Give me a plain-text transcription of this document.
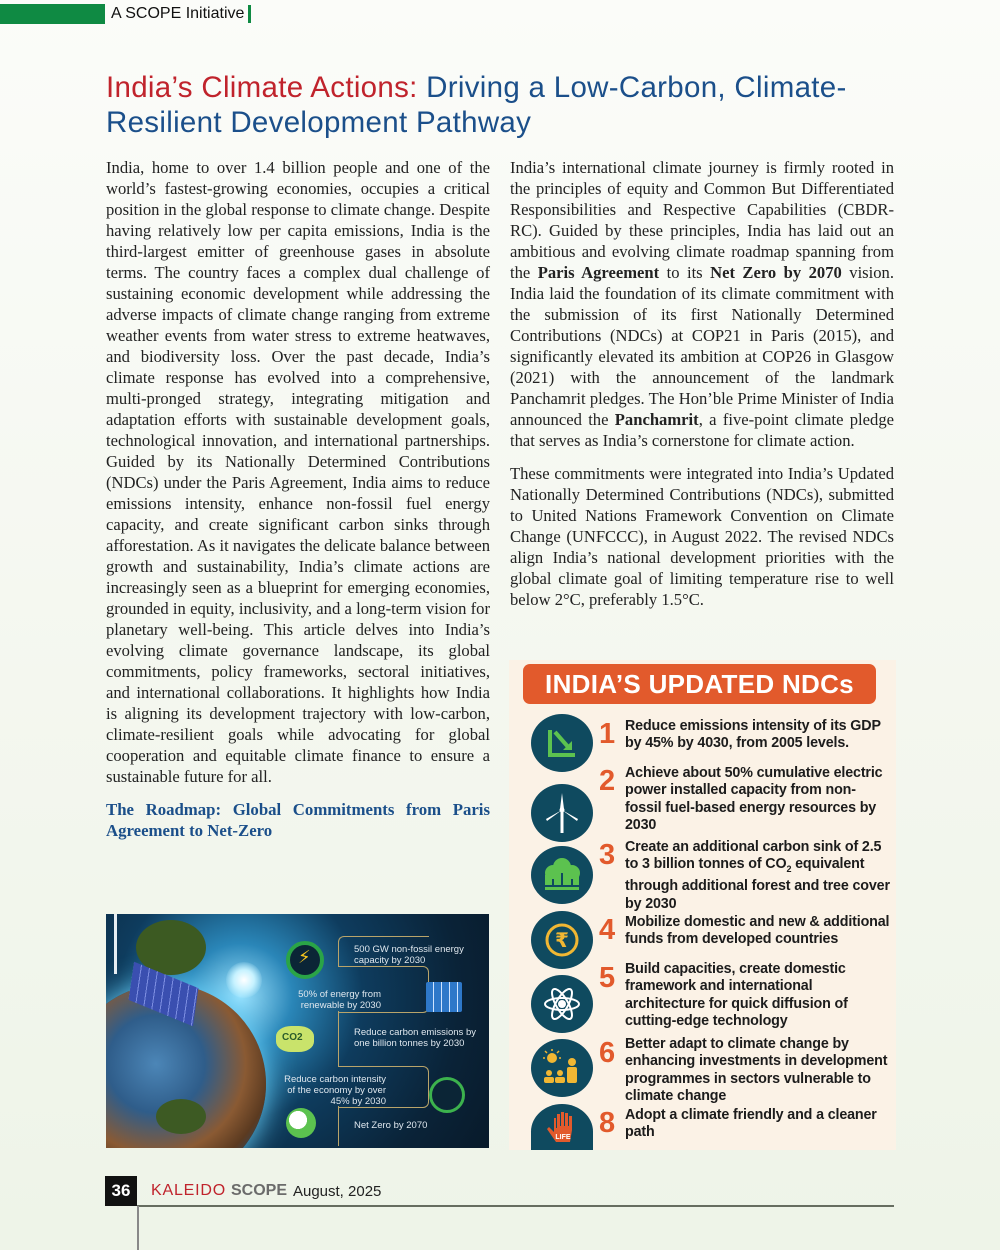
A SCOPE Initiative
India’s Climate Actions: Driving a Low-Carbon, Climate-Resilient Development Pathway

India, home to over 1.4 billion people and one of the world’s fastest-growing economies, occupies a critical position in the global response to climate change. Despite having relatively low per capita emissions, India is the third-largest emitter of greenhouse gases in absolute terms. The country faces a complex dual challenge of sustaining economic development while addressing the adverse impacts of climate change ranging from extreme weather events from water stress to extreme heatwaves, and biodiversity loss. Over the past decade, India’s climate response has evolved into a comprehensive, multi-pronged strategy, integrating mitigation and adaptation efforts with sustainable development goals, technological innovation, and international partnerships. Guided by its Nationally Determined Contributions (NDCs) under the Paris Agreement, India aims to reduce emissions intensity, enhance non-fossil fuel energy capacity, and create significant carbon sinks through afforestation. As it navigates the delicate balance between growth and sustainability, India’s climate actions are increasingly seen as a blueprint for emerging economies, grounded in equity, inclusivity, and a long-term vision for planetary well-being. This article delves into India’s evolving climate governance landscape, its global commitments, policy frameworks, sectoral initiatives, and international collaborations. It highlights how India is aligning its development trajectory with low-carbon, climate-resilient goals while advocating for global cooperation and equitable climate finance to ensure a sustainable future for all.

The Roadmap: Global Commitments from Paris Agreement to Net-Zero
⚡	500 GW non-fossil energy capacity by 2030
50% of energy from renewable by 2030
CO2	Reduce carbon emissions by one billion tonnes by 2030
Reduce carbon intensity of the economy by over 45% by 2030
Net Zero by 2070

India’s international climate journey is firmly rooted in the principles of equity and Common But Differentiated Responsibilities and Respective Capabilities (CBDR-RC). Guided by these principles, India has laid out an ambitious and evolving climate roadmap spanning from the Paris Agreement to its Net Zero by 2070 vision. India laid the foundation of its climate commitment with the submission of its first Nationally Determined Contributions (NDCs) at COP21 in Paris (2015), and significantly elevated its ambition at COP26 in Glasgow (2021) with the announcement of the landmark Panchamrit pledges. The Hon’ble Prime Minister of India announced the Panchamrit, a five-point climate pledge that serves as India’s cornerstone for climate action.

These commitments were integrated into India’s Updated Nationally Determined Contributions (NDCs), submitted to United Nations Framework Convention on Climate Change (UNFCCC), in August 2022. The revised NDCs align India’s national development priorities with the global climate goal of limiting temperature rise to well below 2°C, preferably 1.5°C.

INDIA’S UPDATED NDCs
1 Reduce emissions intensity of its GDP by 45% by 4030, from 2005 levels.
2 Achieve about 50% cumulative electric power installed capacity from non-fossil fuel-based energy resources by 2030
3 Create an additional carbon sink of 2.5 to 3 billion tonnes of $CO_2$ equivalent through additional forest and tree cover by 2030
₹ 4 Mobilize domestic and new & additional funds from developed countries
5 Build capacities, create domestic framework and international architecture for quick diffusion of cutting-edge technology
6 Better adapt to climate change by enhancing investments in development programmes in sectors vulnerable to climate change
LIFE 8 Adopt a climate friendly and a cleaner path
36	KALEIDO SCOPE August, 2025
